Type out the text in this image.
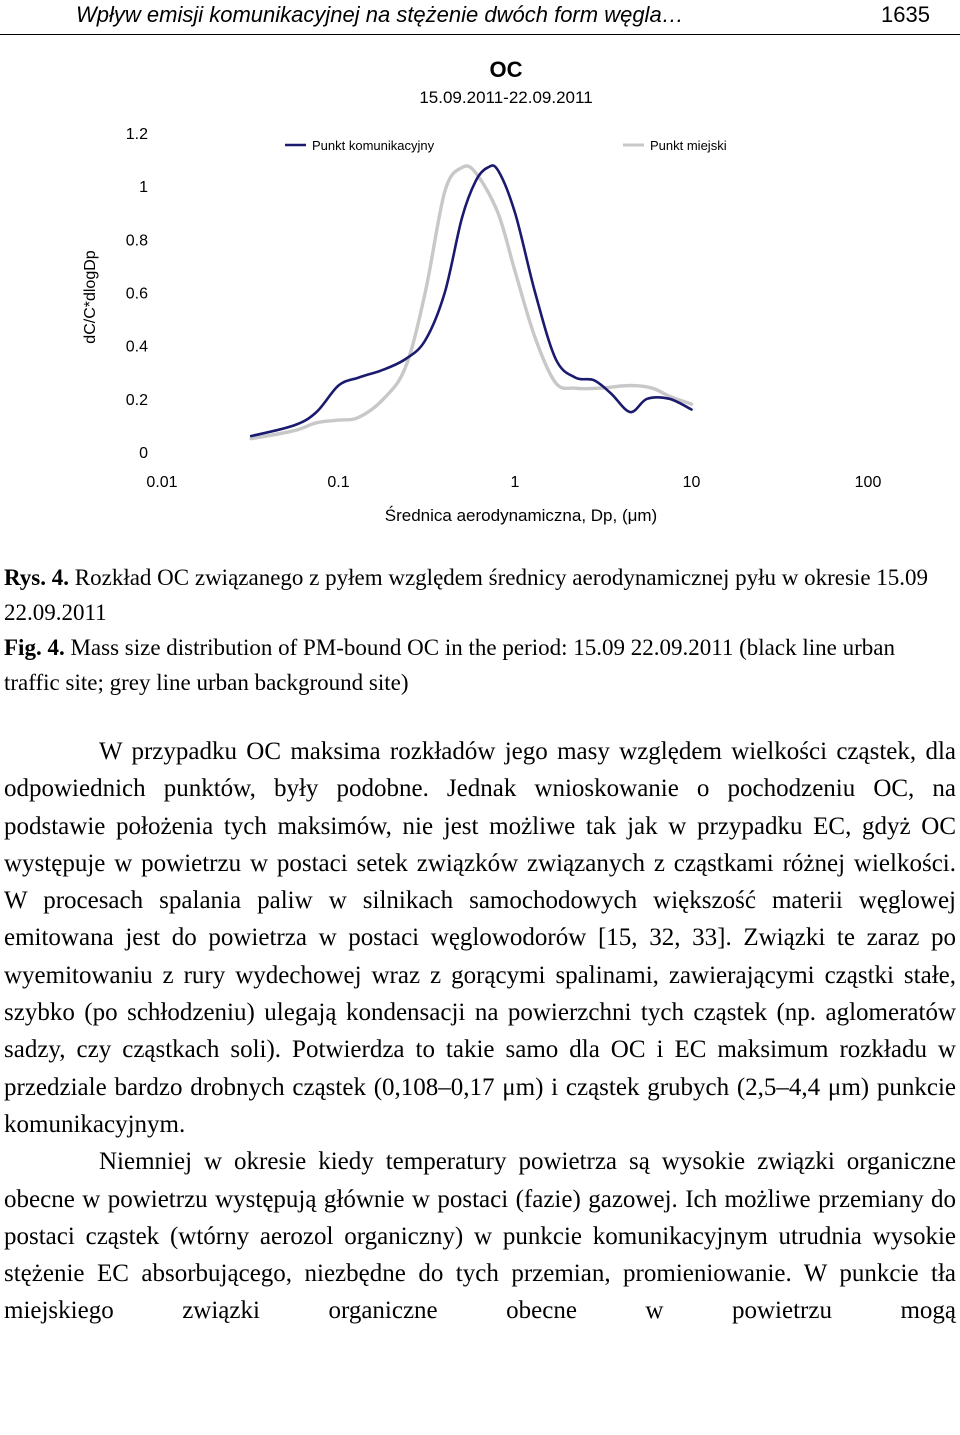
Wpływ emisji komunikacyjnej na stężenie dwóch form węgla…	1635
OC
15.09.2011-22.09.2011
dC/C*dlogDp
Średnica aerodynamiczna, Dp, (μm)
Punkt komunikacyjny	Punkt miejski
0
0.2
0.4
0.6
0.8
1
1.2
0.01	0.1	1	10	100

Rys. 4. Rozkład OC związanego z pyłem względem średnicy aerodynamicznej pyłu w okresie 15.09 22.09.2011

Fig. 4. Mass size distribution of PM-bound OC in the period: 15.09 22.09.2011 (black line urban traffic site; grey line urban background site)

W przypadku OC maksima rozkładów jego masy względem wielkości cząstek, dla odpowiednich punktów, były podobne. Jednak wnioskowanie o pochodzeniu OC, na podstawie położenia tych maksimów, nie jest możliwe tak jak w przypadku EC, gdyż OC występuje w powietrzu w postaci setek związków związanych z cząstkami różnej wielkości. W procesach spalania paliw w silnikach samochodowych większość materii węglowej emitowana jest do powietrza w postaci węglowodorów [15, 32, 33]. Związki te zaraz po wyemitowaniu z rury wydechowej wraz z gorącymi spalinami, zawierającymi cząstki stałe, szybko (po schłodzeniu) ulegają kondensacji na powierzchni tych cząstek (np. aglomeratów sadzy, czy cząstkach soli). Potwierdza to takie samo dla OC i EC maksimum rozkładu w przedziale bardzo drobnych cząstek (0,108–0,17 μm) i cząstek grubych (2,5–4,4 μm) punkcie komunikacyjnym.

Niemniej w okresie kiedy temperatury powietrza są wysokie związki organiczne obecne w powietrzu występują głównie w postaci (fazie) gazowej. Ich możliwe przemiany do postaci cząstek (wtórny aerozol organiczny) w punkcie komunikacyjnym utrudnia wysokie stężenie EC absorbującego, niezbędne do tych przemian, promieniowanie. W punkcie tła miejskiego związki organiczne obecne w powietrzu mogą
